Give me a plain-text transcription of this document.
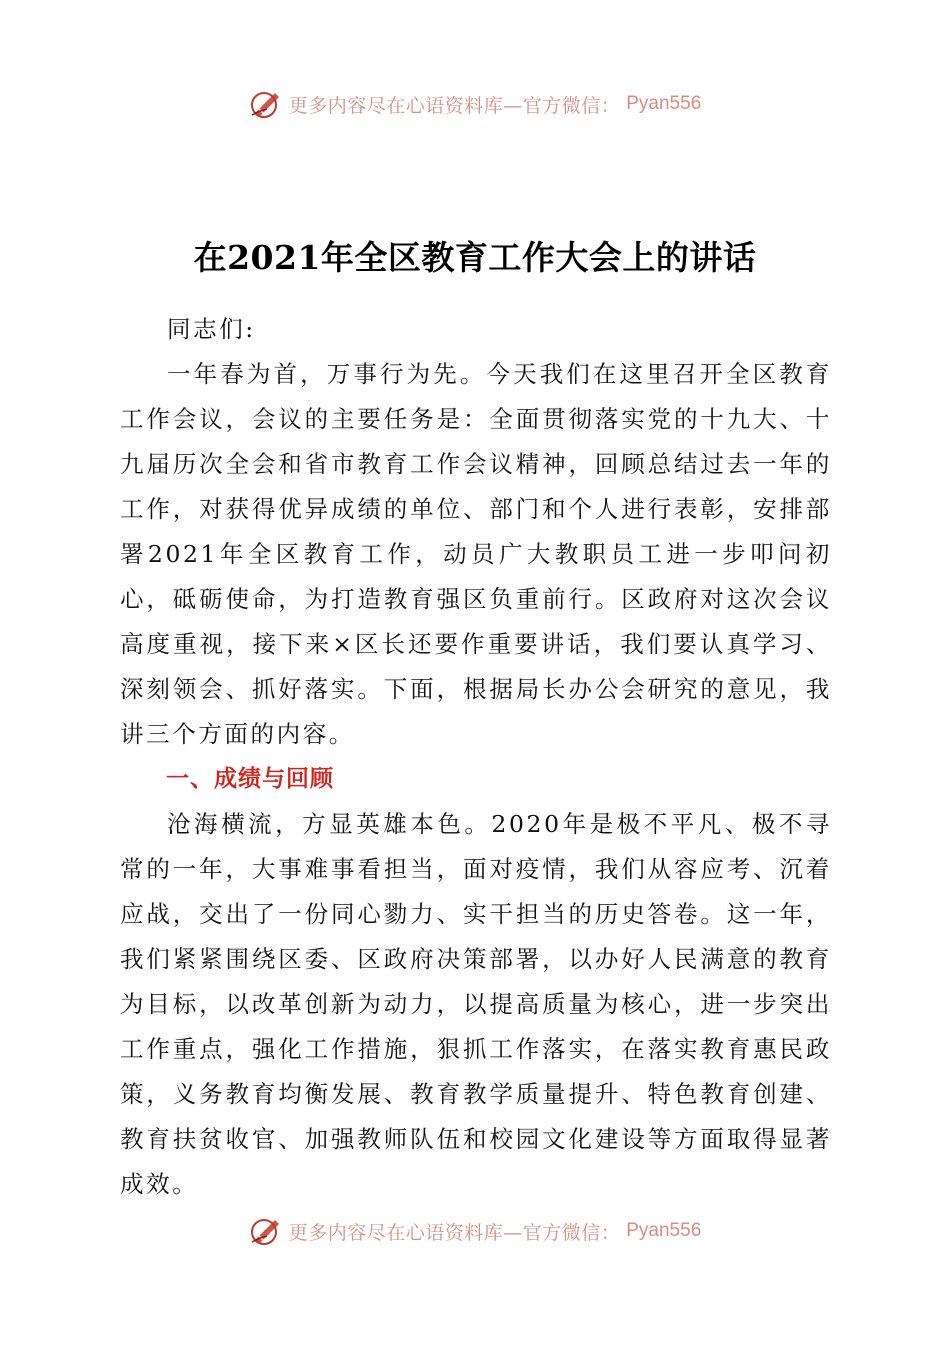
更多内容尽在心语资料库—官方微信： Pyan556
在2021年全区教育工作大会上的讲话

同志们:

一年春为首，万事行为先。今天我们在这里召开全区教育工作会议，会议的主要任务是：全面贯彻落实党的十九大、十九届历次全会和省市教育工作会议精神，回顾总结过去一年的工作，对获得优异成绩的单位、部门和个人进行表彰，安排部署2021年全区教育工作，动员广大教职员工进一步叩问初心，砥砺使命，为打造教育强区负重前行。区政府对这次会议高度重视，接下来×区长还要作重要讲话，我们要认真学习、深刻领会、抓好落实。下面，根据局长办公会研究的意见，我讲三个方面的内容。

一、成绩与回顾

沧海横流，方显英雄本色。2020年是极不平凡、极不寻常的一年，大事难事看担当，面对疫情，我们从容应考、沉着应战，交出了一份同心勠力、实干担当的历史答卷。这一年，我们紧紧围绕区委、区政府决策部署，以办好人民满意的教育为目标，以改革创新为动力，以提高质量为核心，进一步突出工作重点，强化工作措施，狠抓工作落实，在落实教育惠民政策，义务教育均衡发展、教育教学质量提升、特色教育创建、教育扶贫收官、加强教师队伍和校园文化建设等方面取得显著成效。

更多内容尽在心语资料库—官方微信： Pyan556
